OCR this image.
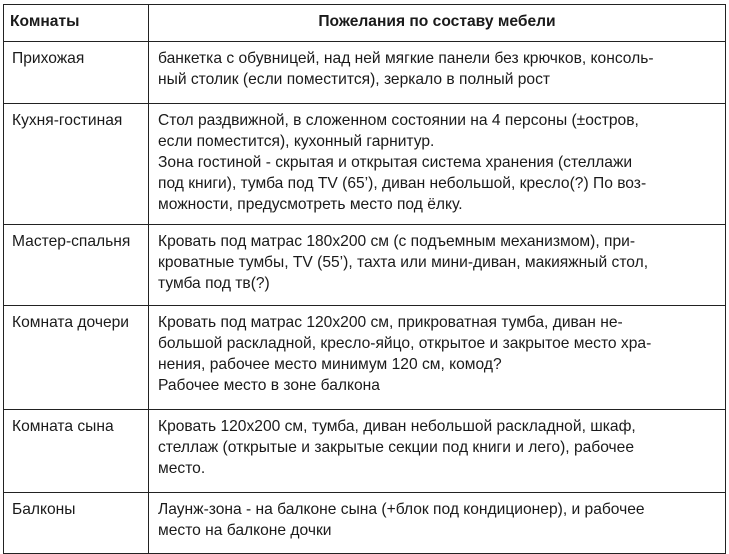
Комнаты	Пожелания по составу мебели
Прихожая	банкетка с обувницей, над ней мягкие панели без крючков, консоль-
ный столик (если поместится), зеркало в полный рост

Кухня-гостиная	Стол раздвижной, в сложенном состоянии на 4 персоны (±остров,
если поместится), кухонный гарнитур.
Зона гостиной - скрытая и открытая система хранения (стеллажи
под книги), тумба под TV (65’), диван небольшой, кресло(?) По воз-
можности, предусмотреть место под ёлку.

Мастер-спальня	Кровать под матрас 180x200 см (с подъемным механизмом), при-
кроватные тумбы, TV (55’), тахта или мини-диван, макияжный стол,
тумба под тв(?)

Комната дочери	Кровать под матрас 120x200 см, прикроватная тумба, диван не-
большой раскладной, кресло-яйцо, открытое и закрытое место хра-
нения, рабочее место минимум 120 см, комод?
Рабочее место в зоне балкона

Комната сына	Кровать 120x200 см, тумба, диван небольшой раскладной, шкаф,
стеллаж (открытые и закрытые секции под книги и лего), рабочее
место.

Балконы	Лаунж-зона - на балконе сына (+блок под кондиционер), и рабочее
место на балконе дочки
